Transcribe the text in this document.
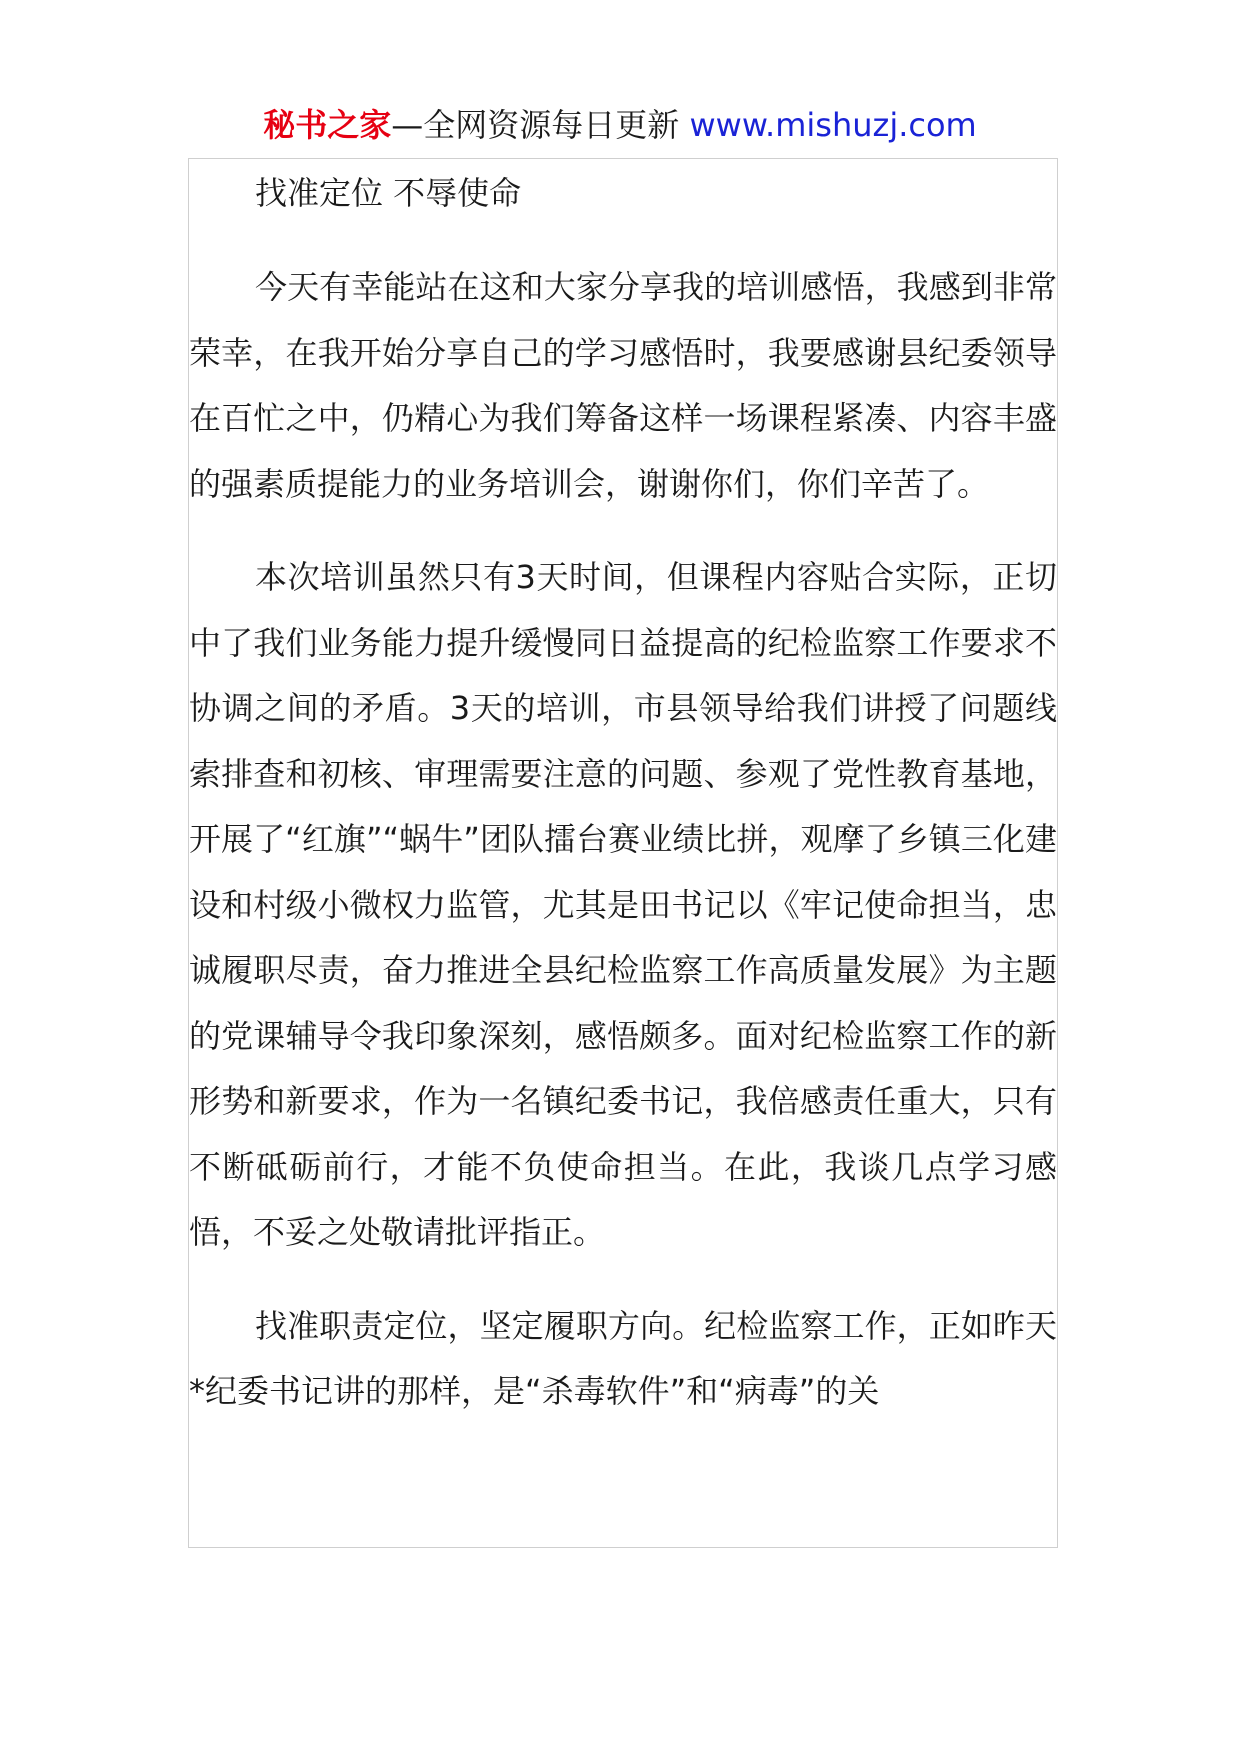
秘书之家—全网资源每日更新 www.mishuzj.com

找准定位 不辱使命

今天有幸能站在这和大家分享我的培训感悟，我感到非常荣幸，在我开始分享自己的学习感悟时，我要感谢县纪委领导在百忙之中，仍精心为我们筹备这样一场课程紧凑、内容丰盛的强素质提能力的业务培训会，谢谢你们，你们辛苦了。

本次培训虽然只有3天时间，但课程内容贴合实际，正切中了我们业务能力提升缓慢同日益提高的纪检监察工作要求不协调之间的矛盾。3天的培训，市县领导给我们讲授了问题线索排查和初核、审理需要注意的问题、参观了党性教育基地，开展了“红旗”“蜗牛”团队擂台赛业绩比拼，观摩了乡镇三化建设和村级小微权力监管，尤其是田书记以《牢记使命担当，忠诚履职尽责，奋力推进全县纪检监察工作高质量发展》为主题的党课辅导令我印象深刻，感悟颇多。面对纪检监察工作的新形势和新要求，作为一名镇纪委书记，我倍感责任重大，只有不断砥砺前行，才能不负使命担当。在此，我谈几点学习感悟，不妥之处敬请批评指正。

找准职责定位，坚定履职方向。纪检监察工作，正如昨天*纪委书记讲的那样，是“杀毒软件”和“病毒”的关
